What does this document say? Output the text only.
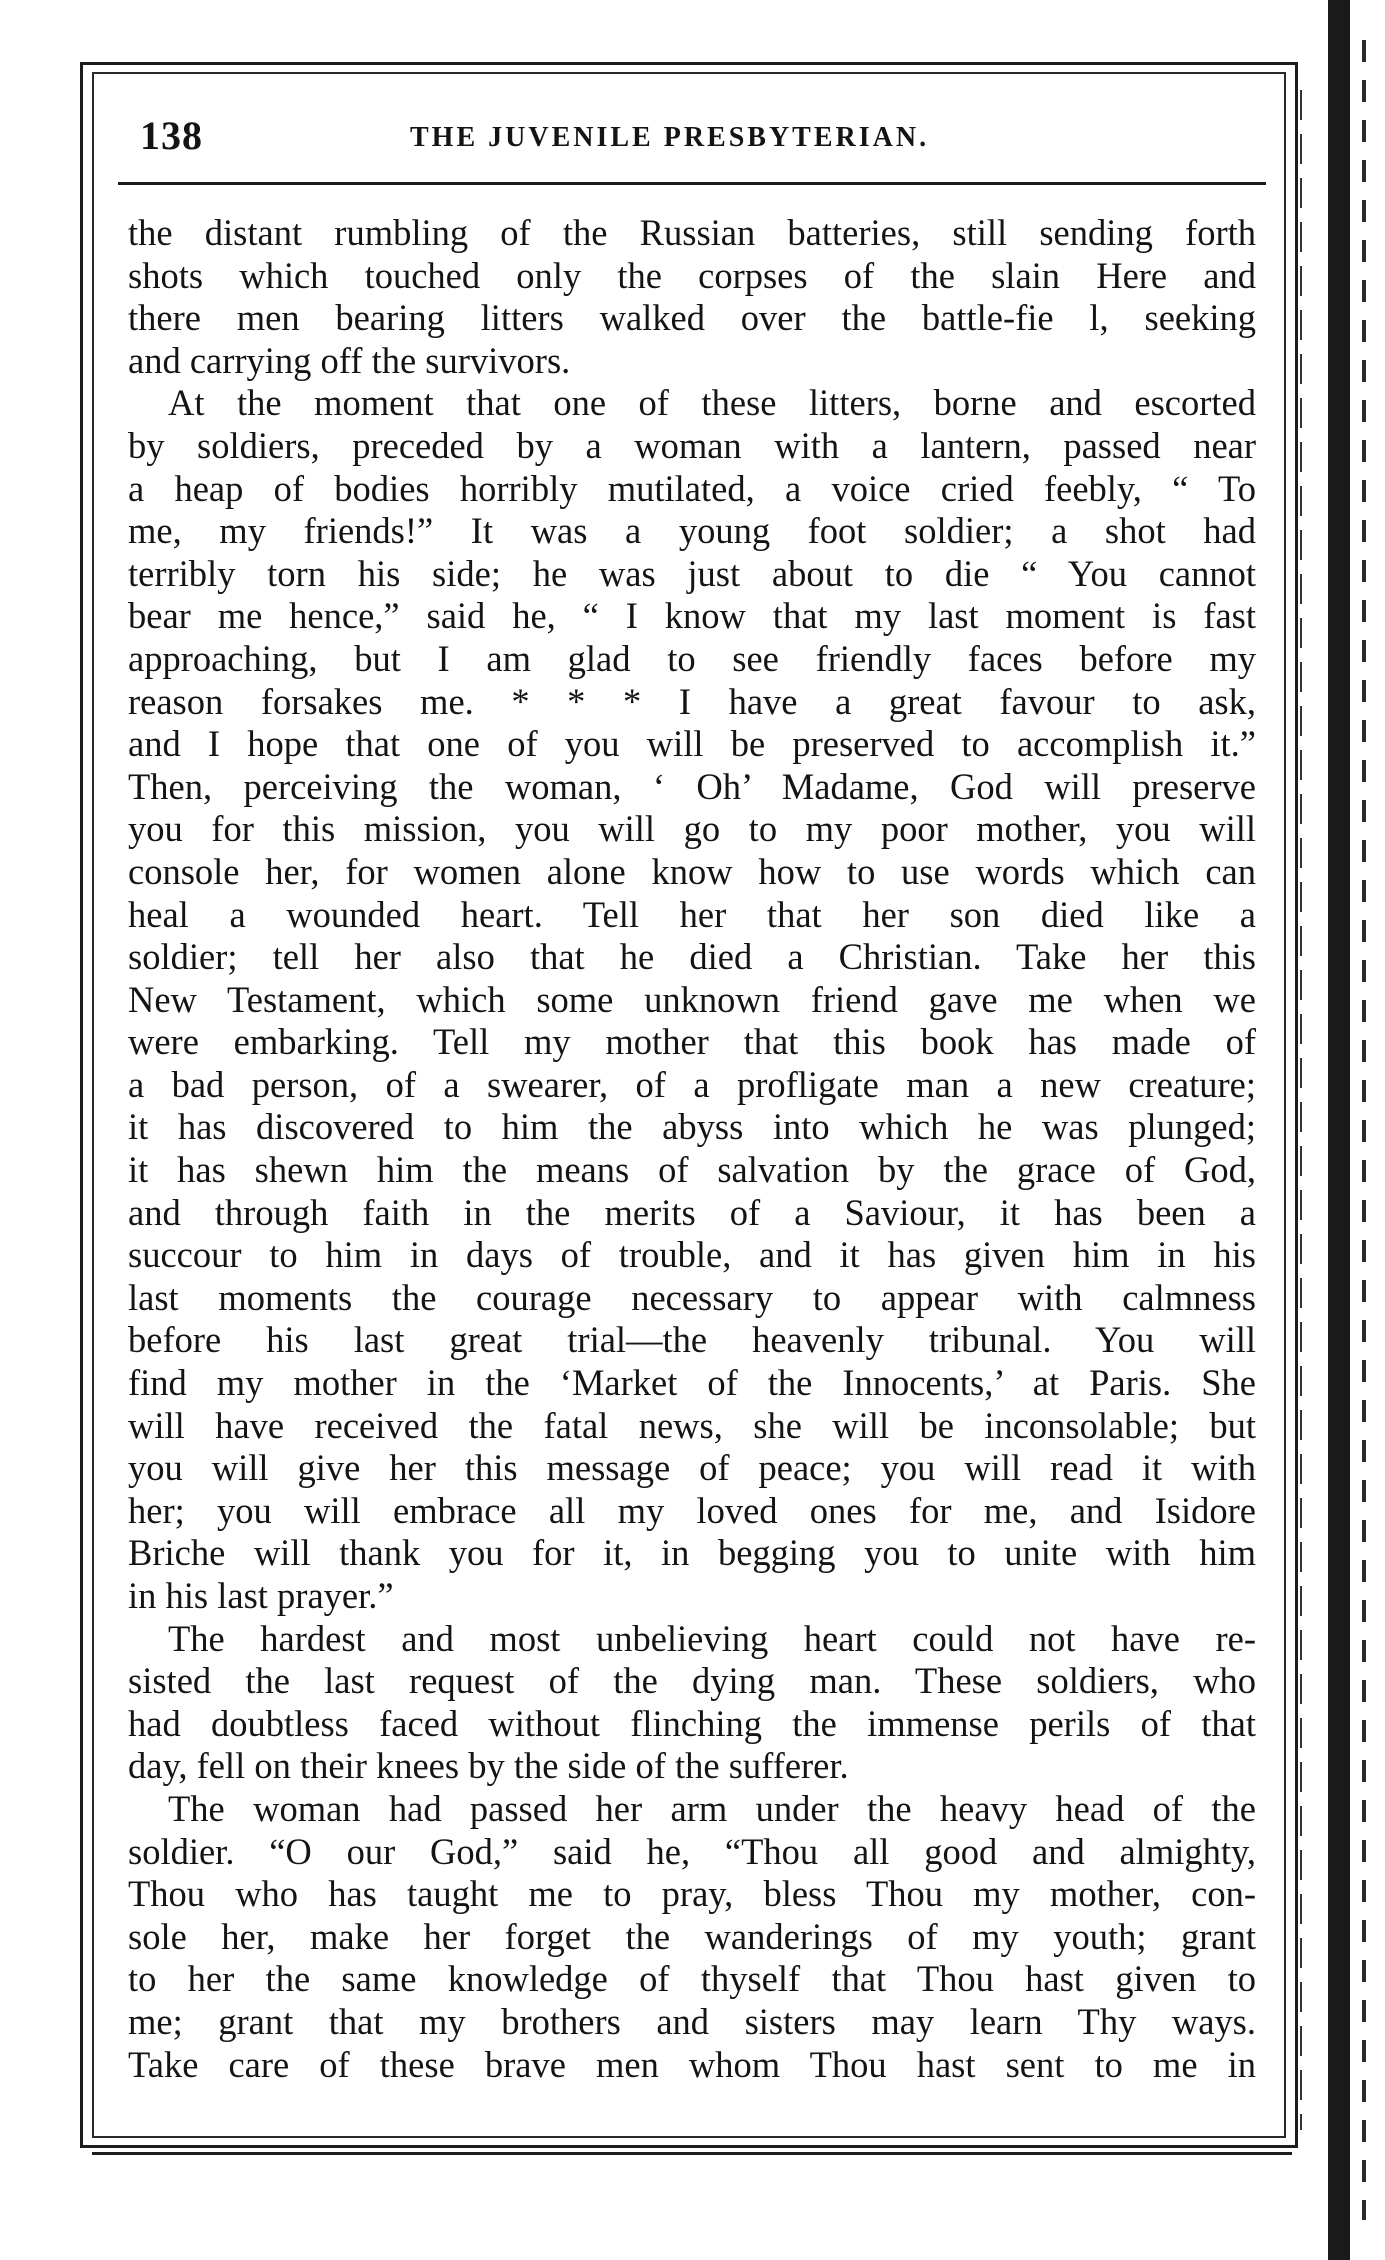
138	THE JUVENILE PRESBYTERIAN.
the distant rumbling of the Russian batteries, still sending forth
shots which touched only the corpses of the slain Here and
there men bearing litters walked over the battle-fie l, seeking
and carrying off the survivors.
At the moment that one of these litters, borne and escorted
by soldiers, preceded by a woman with a lantern, passed near
a heap of bodies horribly mutilated, a voice cried feebly, “ To
me, my friends!” It was a young foot soldier; a shot had
terribly torn his side; he was just about to die “ You cannot
bear me hence,” said he, “ I know that my last moment is fast
approaching, but I am glad to see friendly faces before my
reason forsakes me. * * * I have a great favour to ask,
and I hope that one of you will be preserved to accomplish it.”
Then, perceiving the woman, ‘ Oh’ Madame, God will preserve
you for this mission, you will go to my poor mother, you will
console her, for women alone know how to use words which can
heal a wounded heart. Tell her that her son died like a
soldier; tell her also that he died a Christian. Take her this
New Testament, which some unknown friend gave me when we
were embarking. Tell my mother that this book has made of
a bad person, of a swearer, of a profligate man a new creature;
it has discovered to him the abyss into which he was plunged;
it has shewn him the means of salvation by the grace of God,
and through faith in the merits of a Saviour, it has been a
succour to him in days of trouble, and it has given him in his
last moments the courage necessary to appear with calmness
before his last great trial—the heavenly tribunal. You will
find my mother in the ‘Market of the Innocents,’ at Paris. She
will have received the fatal news, she will be inconsolable; but
you will give her this message of peace; you will read it with
her; you will embrace all my loved ones for me, and Isidore
Briche will thank you for it, in begging you to unite with him
in his last prayer.”
The hardest and most unbelieving heart could not have re-
sisted the last request of the dying man. These soldiers, who
had doubtless faced without flinching the immense perils of that
day, fell on their knees by the side of the sufferer.
The woman had passed her arm under the heavy head of the
soldier. “O our God,” said he, “Thou all good and almighty,
Thou who has taught me to pray, bless Thou my mother, con-
sole her, make her forget the wanderings of my youth; grant
to her the same knowledge of thyself that Thou hast given to
me; grant that my brothers and sisters may learn Thy ways.
Take care of these brave men whom Thou hast sent to me in
